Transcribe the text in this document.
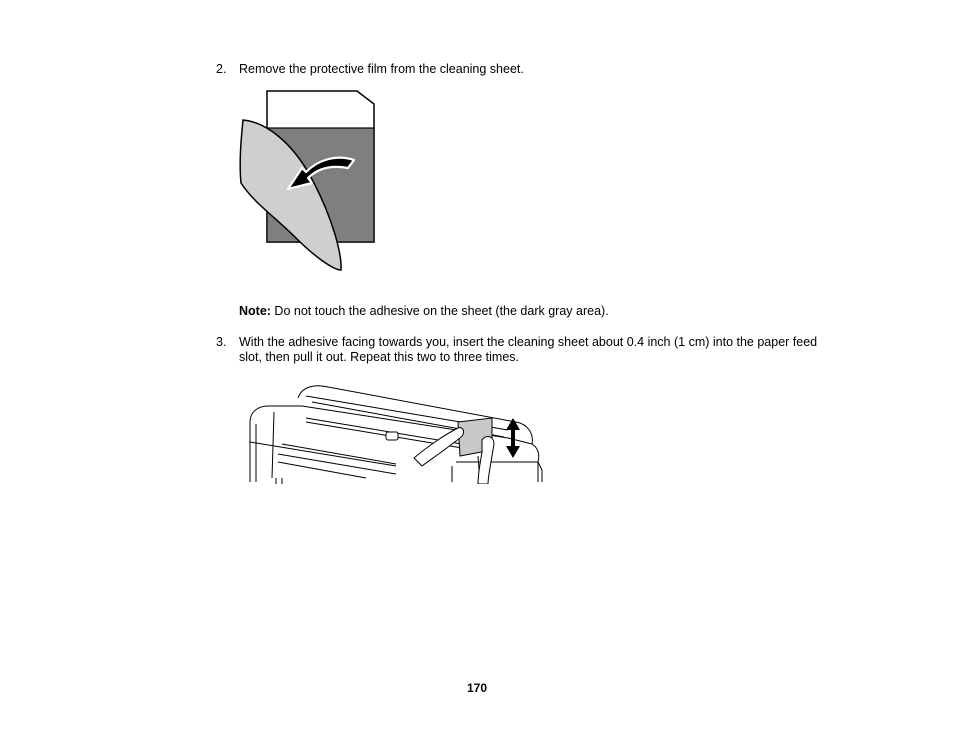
2. Remove the protective film from the cleaning sheet.
Note: Do not touch the adhesive on the sheet (the dark gray area).
3. With the adhesive facing towards you, insert the cleaning sheet about 0.4 inch (1 cm) into the paper feed slot, then pull it out. Repeat this two to three times.
170
